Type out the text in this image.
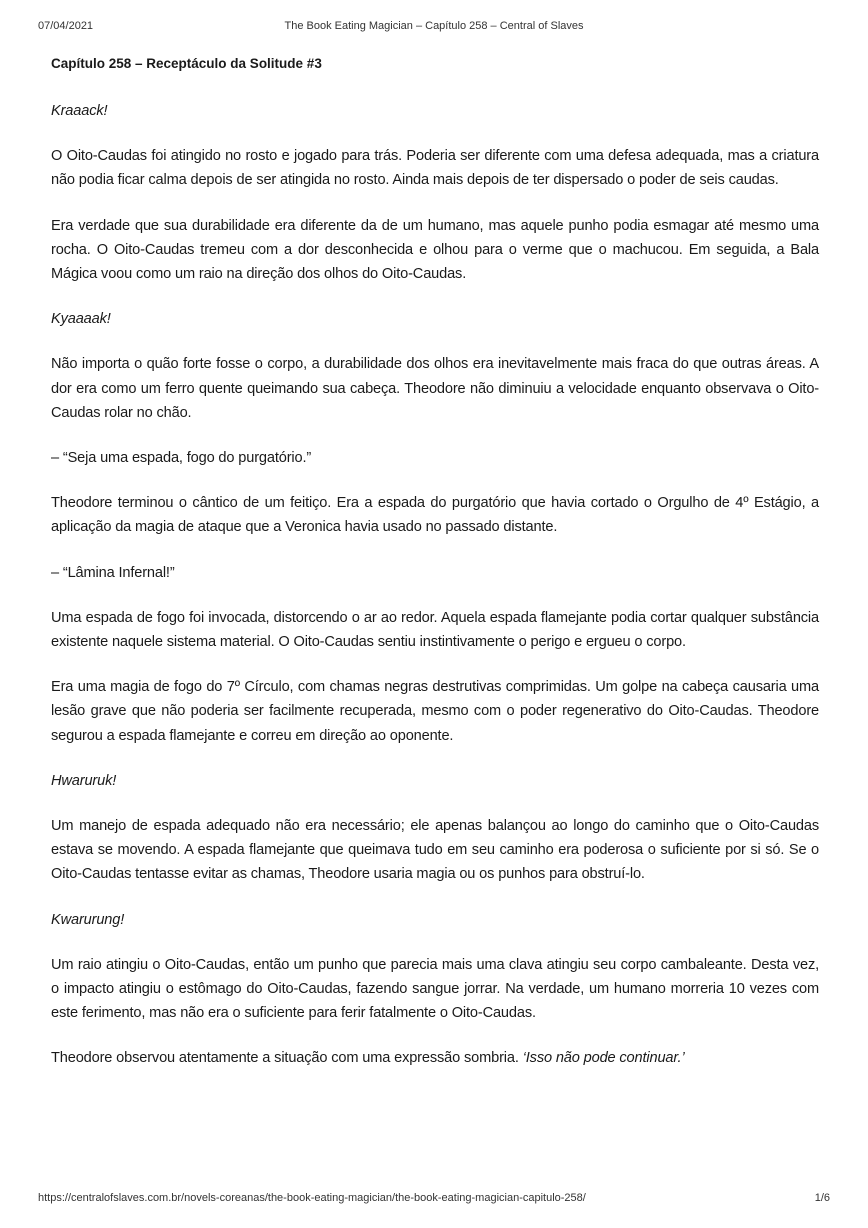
07/04/2021	The Book Eating Magician – Capítulo 258 – Central of Slaves
Capítulo 258 – Receptáculo da Solitude #3

Kraaack!

O Oito-Caudas foi atingido no rosto e jogado para trás. Poderia ser diferente com uma defesa adequada, mas a criatura não podia ficar calma depois de ser atingida no rosto. Ainda mais depois de ter dispersado o poder de seis caudas.

Era verdade que sua durabilidade era diferente da de um humano, mas aquele punho podia esmagar até mesmo uma rocha. O Oito-Caudas tremeu com a dor desconhecida e olhou para o verme que o machucou. Em seguida, a Bala Mágica voou como um raio na direção dos olhos do Oito-Caudas.

Kyaaaak!

Não importa o quão forte fosse o corpo, a durabilidade dos olhos era inevitavelmente mais fraca do que outras áreas. A dor era como um ferro quente queimando sua cabeça. Theodore não diminuiu a velocidade enquanto observava o Oito-Caudas rolar no chão.

– “Seja uma espada, fogo do purgatório.”

Theodore terminou o cântico de um feitiço. Era a espada do purgatório que havia cortado o Orgulho de 4º Estágio, a aplicação da magia de ataque que a Veronica havia usado no passado distante.

– “Lâmina Infernal!”

Uma espada de fogo foi invocada, distorcendo o ar ao redor. Aquela espada flamejante podia cortar qualquer substância existente naquele sistema material. O Oito-Caudas sentiu instintivamente o perigo e ergueu o corpo.

Era uma magia de fogo do 7º Círculo, com chamas negras destrutivas comprimidas. Um golpe na cabeça causaria uma lesão grave que não poderia ser facilmente recuperada, mesmo com o poder regenerativo do Oito-Caudas. Theodore segurou a espada flamejante e correu em direção ao oponente.

Hwaruruk!

Um manejo de espada adequado não era necessário; ele apenas balançou ao longo do caminho que o Oito-Caudas estava se movendo. A espada flamejante que queimava tudo em seu caminho era poderosa o suficiente por si só. Se o Oito-Caudas tentasse evitar as chamas, Theodore usaria magia ou os punhos para obstruí-lo.

Kwarurung!

Um raio atingiu o Oito-Caudas, então um punho que parecia mais uma clava atingiu seu corpo cambaleante. Desta vez, o impacto atingiu o estômago do Oito-Caudas, fazendo sangue jorrar. Na verdade, um humano morreria 10 vezes com este ferimento, mas não era o suficiente para ferir fatalmente o Oito-Caudas.

Theodore observou atentamente a situação com uma expressão sombria. ‘Isso não pode continuar.’

https://centralofslaves.com.br/novels-coreanas/the-book-eating-magician/the-book-eating-magician-capitulo-258/	1/6
